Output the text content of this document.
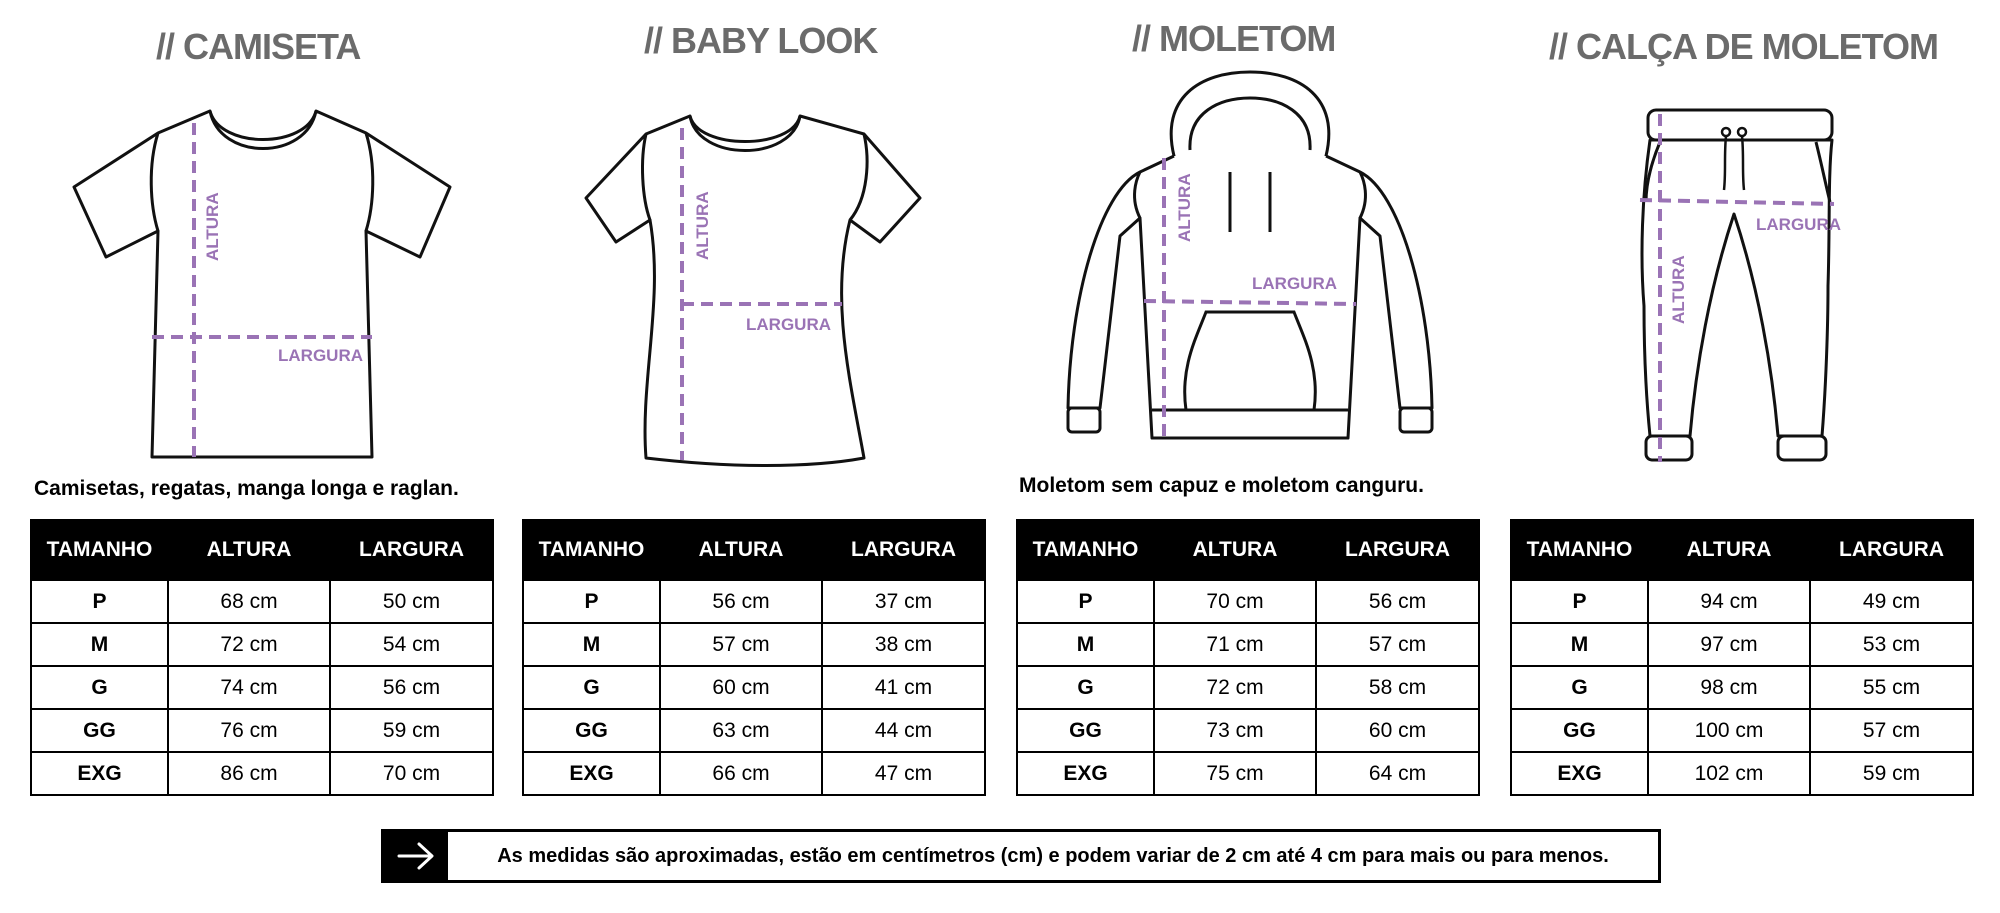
// CAMISETA	// BABY LOOK	// MOLETOM	// CALÇA DE MOLETOM
ALTURA
LARGURA
ALTURA
LARGURA
ALTURA
LARGURA	ALTURA
LARGURA
Camisetas, regatas, manga longa e raglan.	Moletom sem capuz e moletom canguru.
TAMANHO	ALTURA	LARGURA
P	68 cm	50 cm
M	72 cm	54 cm
G	74 cm	56 cm
GG	76 cm	59 cm
EXG	86 cm	70 cm
TAMANHO	ALTURA	LARGURA
P	56 cm	37 cm
M	57 cm	38 cm
G	60 cm	41 cm
GG	63 cm	44 cm
EXG	66 cm	47 cm
TAMANHO	ALTURA	LARGURA
P	70 cm	56 cm
M	71 cm	57 cm
G	72 cm	58 cm
GG	73 cm	60 cm
EXG	75 cm	64 cm
TAMANHO	ALTURA	LARGURA
P	94 cm	49 cm
M	97 cm	53 cm
G	98 cm	55 cm
GG	100 cm	57 cm
EXG	102 cm	59 cm
As medidas são aproximadas, estão em centímetros (cm) e podem variar de 2 cm até 4 cm para mais ou para menos.
